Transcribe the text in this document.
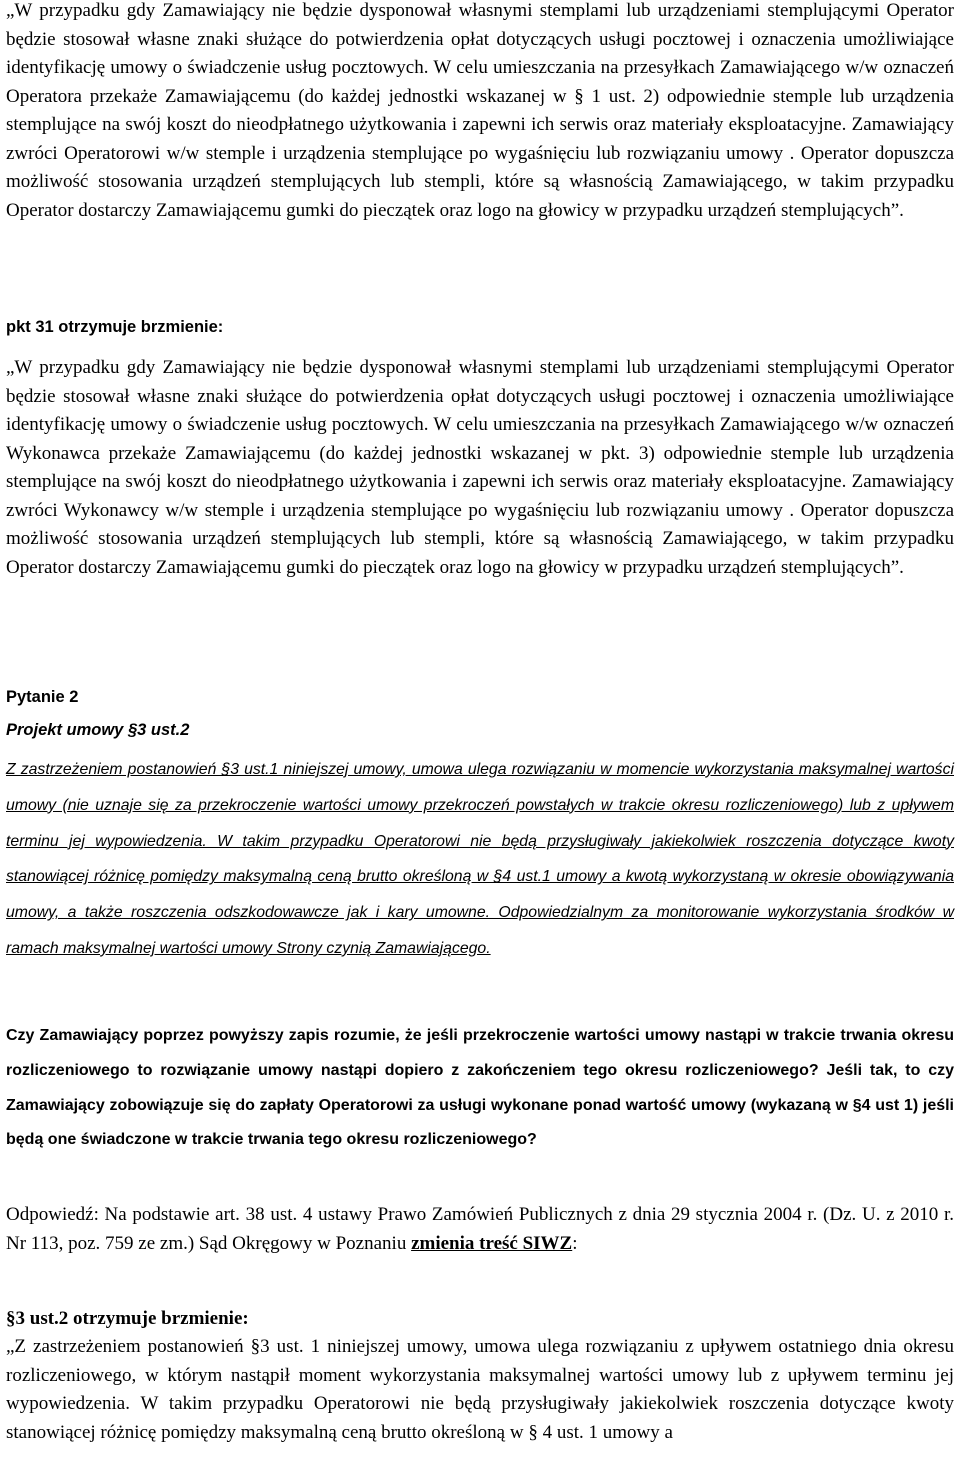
„W przypadku gdy Zamawiający nie będzie dysponował własnymi stemplami lub urządzeniami stemplującymi Operator będzie stosował własne znaki służące do potwierdzenia opłat dotyczących usługi pocztowej i oznaczenia umożliwiające identyfikację umowy o świadczenie usług pocztowych. W celu umieszczania na przesyłkach Zamawiającego w/w oznaczeń Operatora przekaże Zamawiającemu (do każdej jednostki wskazanej w § 1 ust. 2) odpowiednie stemple lub urządzenia stemplujące na swój koszt do nieodpłatnego użytkowania i zapewni ich serwis oraz materiały eksploatacyjne. Zamawiający zwróci Operatorowi w/w stemple i urządzenia stemplujące po wygaśnięciu lub rozwiązaniu umowy . Operator dopuszcza możliwość stosowania urządzeń stemplujących lub stempli, które są własnością Zamawiającego, w takim przypadku Operator dostarczy Zamawiającemu gumki do pieczątek oraz logo na głowicy w przypadku urządzeń stemplujących”.

pkt 31 otrzymuje brzmienie:

„W przypadku gdy Zamawiający nie będzie dysponował własnymi stemplami lub urządzeniami stemplującymi Operator będzie stosował własne znaki służące do potwierdzenia opłat dotyczących usługi pocztowej i oznaczenia umożliwiające identyfikację umowy o świadczenie usług pocztowych. W celu umieszczania na przesyłkach Zamawiającego w/w oznaczeń Wykonawca przekaże Zamawiającemu (do każdej jednostki wskazanej w pkt. 3) odpowiednie stemple lub urządzenia stemplujące na swój koszt do nieodpłatnego użytkowania i zapewni ich serwis oraz materiały eksploatacyjne. Zamawiający zwróci Wykonawcy w/w stemple i urządzenia stemplujące po wygaśnięciu lub rozwiązaniu umowy . Operator dopuszcza możliwość stosowania urządzeń stemplujących lub stempli, które są własnością Zamawiającego, w takim przypadku Operator dostarczy Zamawiającemu gumki do pieczątek oraz logo na głowicy w przypadku urządzeń stemplujących”.

Pytanie 2

Projekt umowy §3 ust.2

Z zastrzeżeniem postanowień §3 ust.1 niniejszej umowy, umowa ulega rozwiązaniu w momencie wykorzystania maksymalnej wartości umowy (nie uznaje się za przekroczenie wartości umowy przekroczeń powstałych w trakcie okresu rozliczeniowego) lub z upływem terminu jej wypowiedzenia. W takim przypadku Operatorowi nie będą przysługiwały jakiekolwiek roszczenia dotyczące kwoty stanowiącej różnicę pomiędzy maksymalną ceną brutto określoną w §4 ust.1 umowy a kwotą wykorzystaną w okresie obowiązywania umowy, a także roszczenia odszkodowawcze jak i kary umowne. Odpowiedzialnym za monitorowanie wykorzystania środków w ramach maksymalnej wartości umowy Strony czynią Zamawiającego.

Czy Zamawiający poprzez powyższy zapis rozumie, że jeśli przekroczenie wartości umowy nastąpi w trakcie trwania okresu rozliczeniowego to rozwiązanie umowy nastąpi dopiero z zakończeniem tego okresu rozliczeniowego? Jeśli tak, to czy Zamawiający zobowiązuje się do zapłaty Operatorowi za usługi wykonane ponad wartość umowy (wykazaną w §4 ust 1) jeśli będą one świadczone w trakcie trwania tego okresu rozliczeniowego?

Odpowiedź: Na podstawie art. 38 ust. 4 ustawy Prawo Zamówień Publicznych z dnia 29 stycznia 2004 r. (Dz. U. z 2010 r. Nr 113, poz. 759 ze zm.) Sąd Okręgowy w Poznaniu zmienia treść SIWZ:

§3 ust.2 otrzymuje brzmienie:

„Z zastrzeżeniem postanowień §3 ust. 1 niniejszej umowy, umowa ulega rozwiązaniu z upływem ostatniego dnia okresu rozliczeniowego, w którym nastąpił moment wykorzystania maksymalnej wartości umowy lub z upływem terminu jej wypowiedzenia. W takim przypadku Operatorowi nie będą przysługiwały jakiekolwiek roszczenia dotyczące kwoty stanowiącej różnicę pomiędzy maksymalną ceną brutto określoną w § 4 ust. 1 umowy a
